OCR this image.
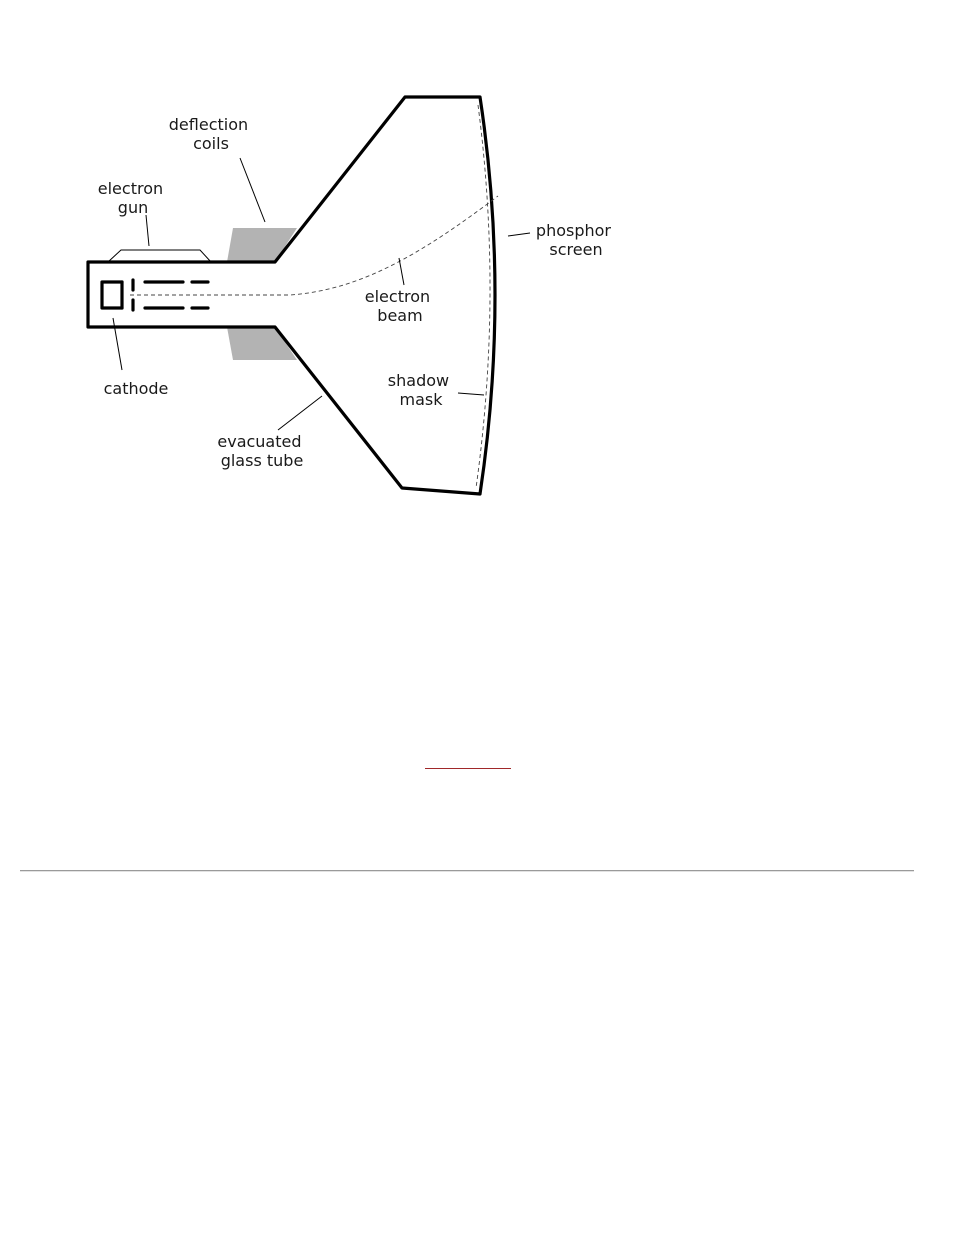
deflection coils
electron gun
phosphor screen
electron beam
cathode	shadow mask
evacuated glass tube
